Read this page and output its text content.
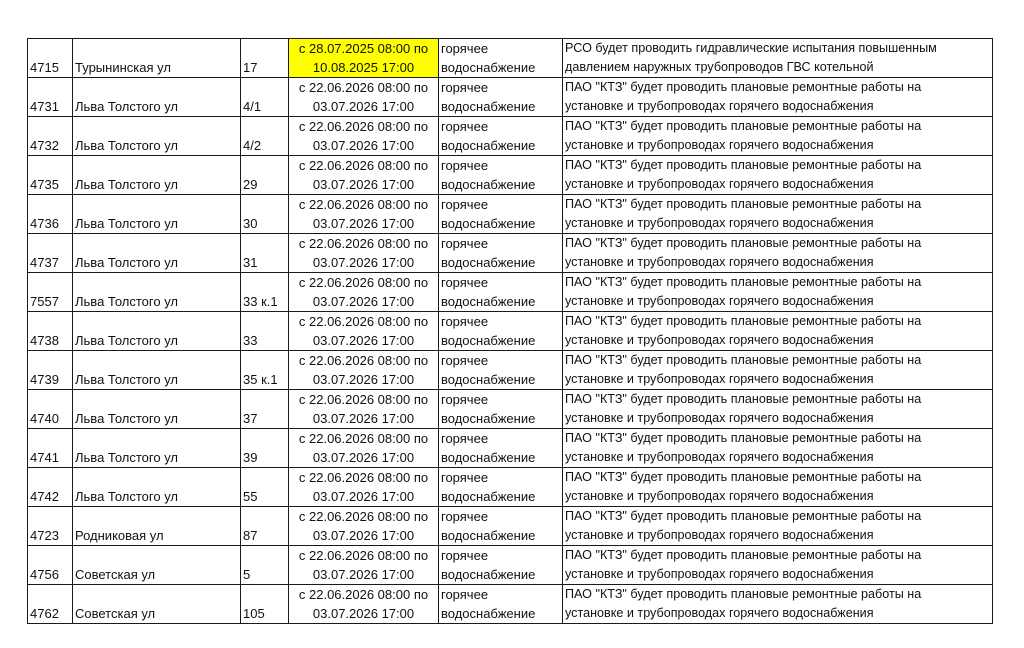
4715	Турынинская ул	17	с 28.07.2025 08:00 по
10.08.2025 17:00	горячее
водоснабжение	РСО будет проводить гидравлические испытания повышенным
давлением наружных трубопроводов ГВС котельной

4731	Льва Толстого ул	4/1	с 22.06.2026 08:00 по
03.07.2026 17:00	горячее
водоснабжение	ПАО "КТЗ" будет проводить плановые ремонтные работы на
установке и трубопроводах горячего водоснабжения

4732	Льва Толстого ул	4/2	с 22.06.2026 08:00 по
03.07.2026 17:00	горячее
водоснабжение	ПАО "КТЗ" будет проводить плановые ремонтные работы на
установке и трубопроводах горячего водоснабжения

4735	Льва Толстого ул	29	с 22.06.2026 08:00 по
03.07.2026 17:00	горячее
водоснабжение	ПАО "КТЗ" будет проводить плановые ремонтные работы на
установке и трубопроводах горячего водоснабжения

4736	Льва Толстого ул	30	с 22.06.2026 08:00 по
03.07.2026 17:00	горячее
водоснабжение	ПАО "КТЗ" будет проводить плановые ремонтные работы на
установке и трубопроводах горячего водоснабжения

4737	Льва Толстого ул	31	с 22.06.2026 08:00 по
03.07.2026 17:00	горячее
водоснабжение	ПАО "КТЗ" будет проводить плановые ремонтные работы на
установке и трубопроводах горячего водоснабжения

7557	Льва Толстого ул	33 к.1	с 22.06.2026 08:00 по
03.07.2026 17:00	горячее
водоснабжение	ПАО "КТЗ" будет проводить плановые ремонтные работы на
установке и трубопроводах горячего водоснабжения

4738	Льва Толстого ул	33	с 22.06.2026 08:00 по
03.07.2026 17:00	горячее
водоснабжение	ПАО "КТЗ" будет проводить плановые ремонтные работы на
установке и трубопроводах горячего водоснабжения

4739	Льва Толстого ул	35 к.1	с 22.06.2026 08:00 по
03.07.2026 17:00	горячее
водоснабжение	ПАО "КТЗ" будет проводить плановые ремонтные работы на
установке и трубопроводах горячего водоснабжения

4740	Льва Толстого ул	37	с 22.06.2026 08:00 по
03.07.2026 17:00	горячее
водоснабжение	ПАО "КТЗ" будет проводить плановые ремонтные работы на
установке и трубопроводах горячего водоснабжения

4741	Льва Толстого ул	39	с 22.06.2026 08:00 по
03.07.2026 17:00	горячее
водоснабжение	ПАО "КТЗ" будет проводить плановые ремонтные работы на
установке и трубопроводах горячего водоснабжения

4742	Льва Толстого ул	55	с 22.06.2026 08:00 по
03.07.2026 17:00	горячее
водоснабжение	ПАО "КТЗ" будет проводить плановые ремонтные работы на
установке и трубопроводах горячего водоснабжения

4723	Родниковая ул	87	с 22.06.2026 08:00 по
03.07.2026 17:00	горячее
водоснабжение	ПАО "КТЗ" будет проводить плановые ремонтные работы на
установке и трубопроводах горячего водоснабжения

4756	Советская ул	5	с 22.06.2026 08:00 по
03.07.2026 17:00	горячее
водоснабжение	ПАО "КТЗ" будет проводить плановые ремонтные работы на
установке и трубопроводах горячего водоснабжения

4762	Советская ул	105	с 22.06.2026 08:00 по
03.07.2026 17:00	горячее
водоснабжение	ПАО "КТЗ" будет проводить плановые ремонтные работы на
установке и трубопроводах горячего водоснабжения
